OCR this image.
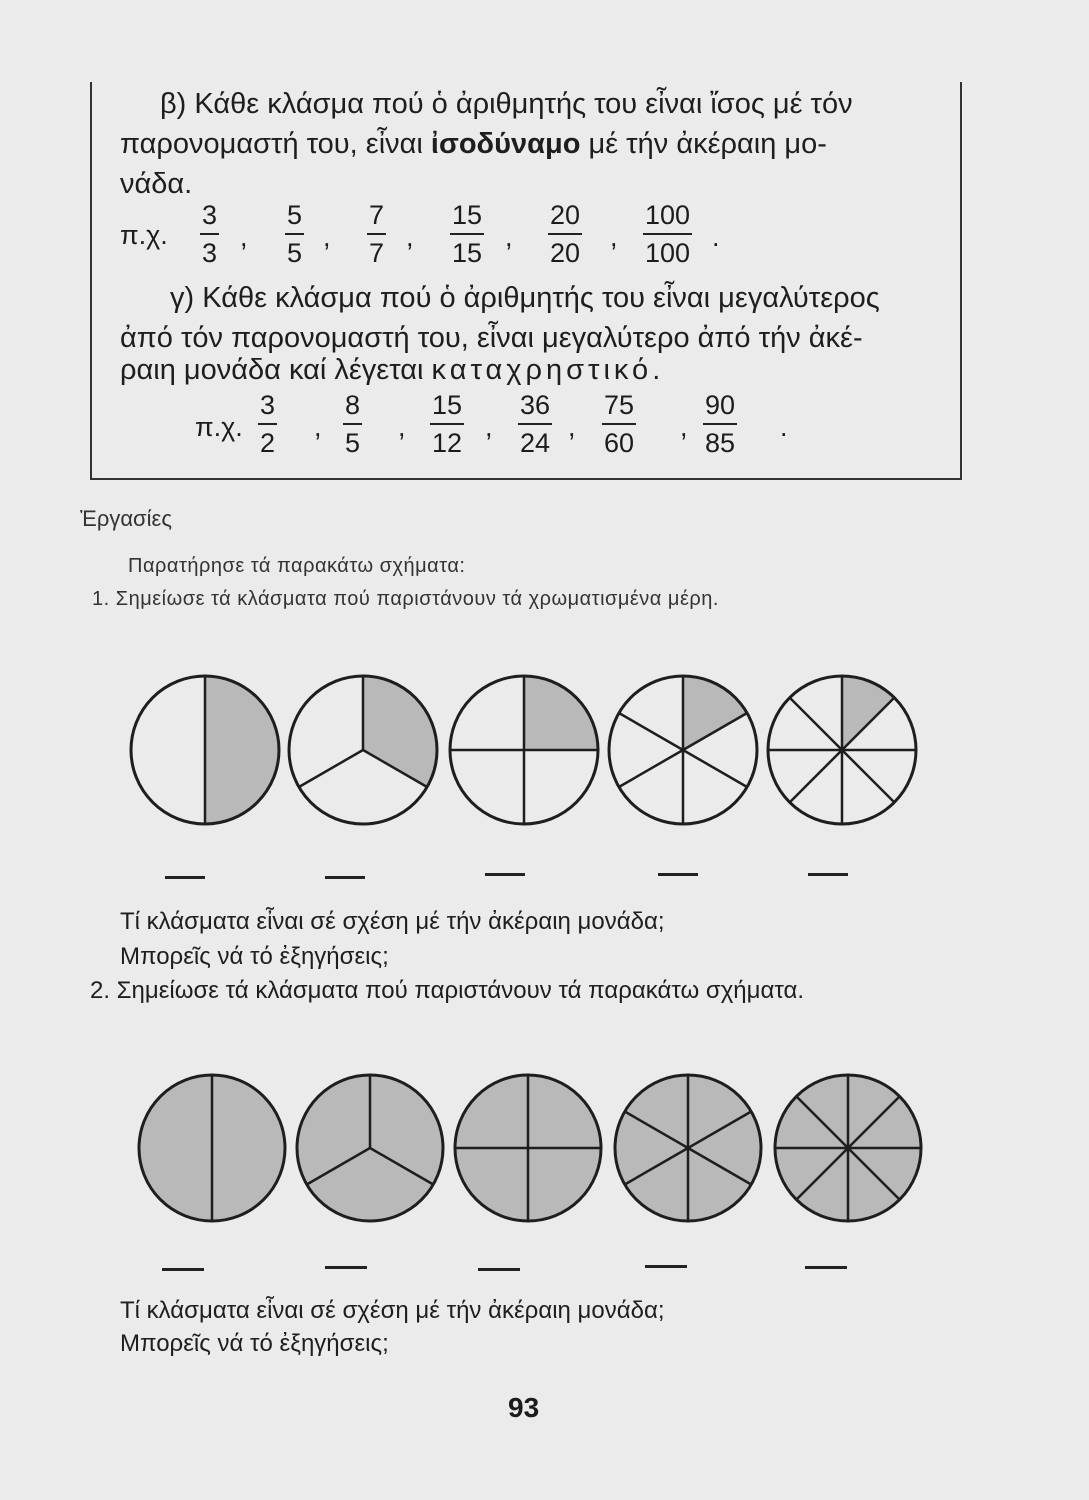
β) Κάθε κλάσμα πού ὁ ἀριθμητής του εἶναι ἴσος μέ τόν
παρονομαστή του, εἶναι ἰσοδύναμο μέ τήν ἀκέραιη μο-
νάδα.
π.χ. $\frac{3}{3}$ , $\frac{5}{5}$ , $\frac{7}{7}$ , $\frac{15}{15}$ , $\frac{20}{20}$ , $\frac{100}{100}$ .
γ) Κάθε κλάσμα πού ὁ ἀριθμητής του εἶναι μεγαλύτερος
ἀπό τόν παρονομαστή του, εἶναι μεγαλύτερο ἀπό τήν ἀκέ-
ραιη μονάδα καί λέγεται καταχρηστικό.
π.χ. $\frac{3}{2}$ , $\frac{8}{5}$ , $\frac{15}{12}$ , $\frac{36}{24}$ , $\frac{75}{60}$ , $\frac{90}{85}$ .
Ἐργασίες
Παρατήρησε τά παρακάτω σχήματα:
1. Σημείωσε τά κλάσματα πού παριστάνουν τά χρωματισμένα μέρη.
Τί κλάσματα εἶναι σέ σχέση μέ τήν ἀκέραιη μονάδα;
Μπορεῖς νά τό ἐξηγήσεις;
2. Σημείωσε τά κλάσματα πού παριστάνουν τά παρακάτω σχήματα.
Τί κλάσματα εἶναι σέ σχέση μέ τήν ἀκέραιη μονάδα;
Μπορεῖς νά τό ἐξηγήσεις;
93
